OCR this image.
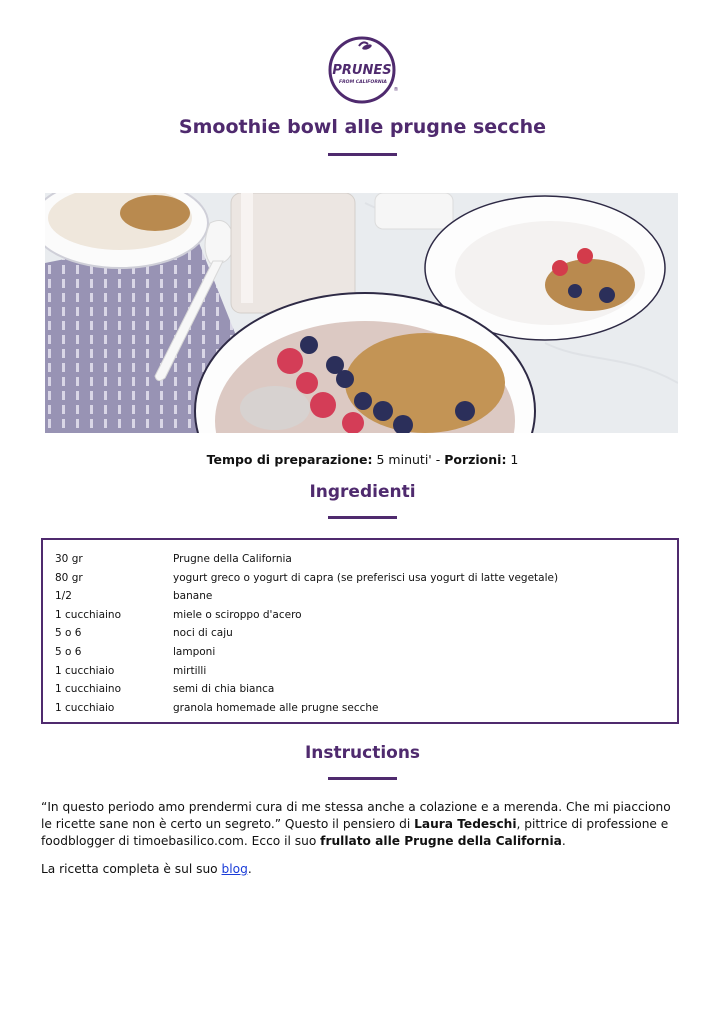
PRUNES
FROM CALIFORNIA
®
Smoothie bowl alle prugne secche
Tempo di preparazione: 5 minuti' - Porzioni: 1
Ingredienti
30 gr	Prugne della California
80 gr	yogurt greco o yogurt di capra (se preferisci usa yogurt di latte vegetale)
1/2	banane
1 cucchiaino	miele o sciroppo d'acero
5 o 6	noci di caju
5 o 6	lamponi
1 cucchiaio	mirtilli
1 cucchiaino	semi di chia bianca
1 cucchiaio	granola homemade alle prugne secche
Instructions
“In questo periodo amo prendermi cura di me stessa anche a colazione e a merenda. Che mi piacciono le ricette sane non è certo un segreto.” Questo il pensiero di Laura Tedeschi, pittrice di professione e foodblogger di timoebasilico.com. Ecco il suo frullato alle Prugne della California.
La ricetta completa è sul suo blog.
